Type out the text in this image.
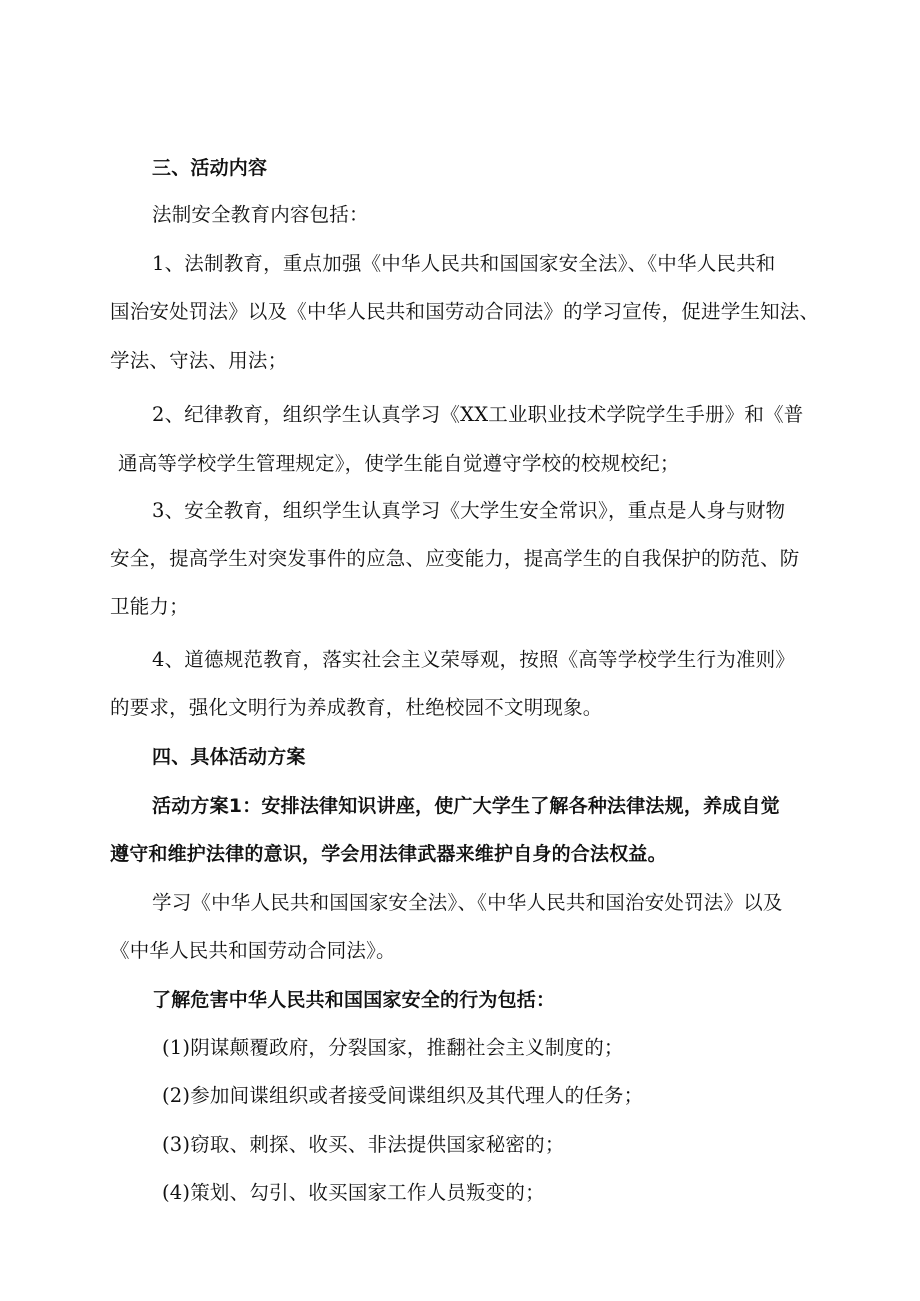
三、活动内容
法制安全教育内容包括：
1、法制教育，重点加强《中华人民共和国国家安全法》、《中华人民共和
国治安处罚法》以及《中华人民共和国劳动合同法》的学习宣传，促进学生知法、
学法、守法、用法；
2、纪律教育，组织学生认真学习《XX工业职业技术学院学生手册》和《普
通高等学校学生管理规定》，使学生能自觉遵守学校的校规校纪；
3、安全教育，组织学生认真学习《大学生安全常识》，重点是人身与财物
安全，提高学生对突发事件的应急、应变能力，提高学生的自我保护的防范、防
卫能力；
4、道德规范教育，落实社会主义荣辱观，按照《高等学校学生行为准则》
的要求，强化文明行为养成教育，杜绝校园不文明现象。
四、具体活动方案
活动方案1：安排法律知识讲座，使广大学生了解各种法律法规，养成自觉
遵守和维护法律的意识，学会用法律武器来维护自身的合法权益。
学习《中华人民共和国国家安全法》、《中华人民共和国治安处罚法》以及
《中华人民共和国劳动合同法》。
了解危害中华人民共和国国家安全的行为包括：
(1)阴谋颠覆政府，分裂国家，推翻社会主义制度的；
(2)参加间谍组织或者接受间谍组织及其代理人的任务；
(3)窃取、刺探、收买、非法提供国家秘密的；
(4)策划、勾引、收买国家工作人员叛变的；
